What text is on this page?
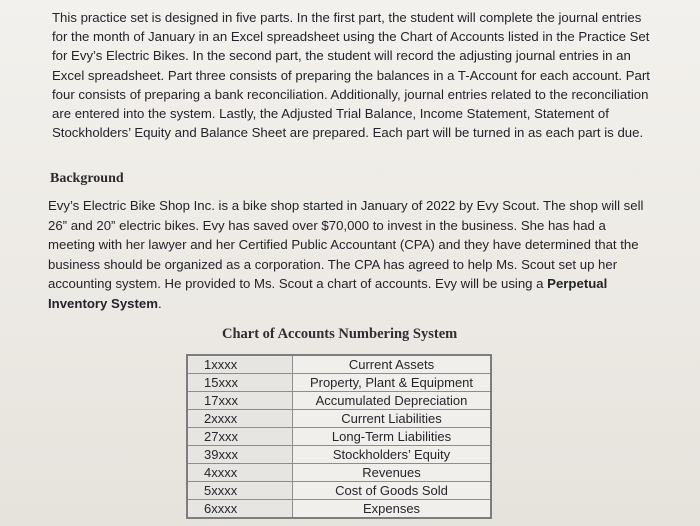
This practice set is designed in five parts. In the first part, the student will complete the journal entries for the month of January in an Excel spreadsheet using the Chart of Accounts listed in the Practice Set for Evy’s Electric Bikes. In the second part, the student will record the adjusting journal entries in an Excel spreadsheet. Part three consists of preparing the balances in a T-Account for each account. Part four consists of preparing a bank reconciliation. Additionally, journal entries related to the reconciliation are entered into the system. Lastly, the Adjusted Trial Balance, Income Statement, Statement of Stockholders’ Equity and Balance Sheet are prepared. Each part will be turned in as each part is due.

Background

Evy’s Electric Bike Shop Inc. is a bike shop started in January of 2022 by Evy Scout. The shop will sell 26” and 20” electric bikes. Evy has saved over $70,000 to invest in the business. She has had a meeting with her lawyer and her Certified Public Accountant (CPA) and they have determined that the business should be organized as a corporation. The CPA has agreed to help Ms. Scout set up her accounting system. He provided to Ms. Scout a chart of accounts. Evy will be using a Perpetual Inventory System.

Chart of Accounts Numbering System

1xxxx	Current Assets
15xxx	Property, Plant & Equipment
17xxx	Accumulated Depreciation
2xxxx	Current Liabilities
27xxx	Long-Term Liabilities
39xxx	Stockholders’ Equity
4xxxx	Revenues
5xxxx	Cost of Goods Sold
6xxxx	Expenses
